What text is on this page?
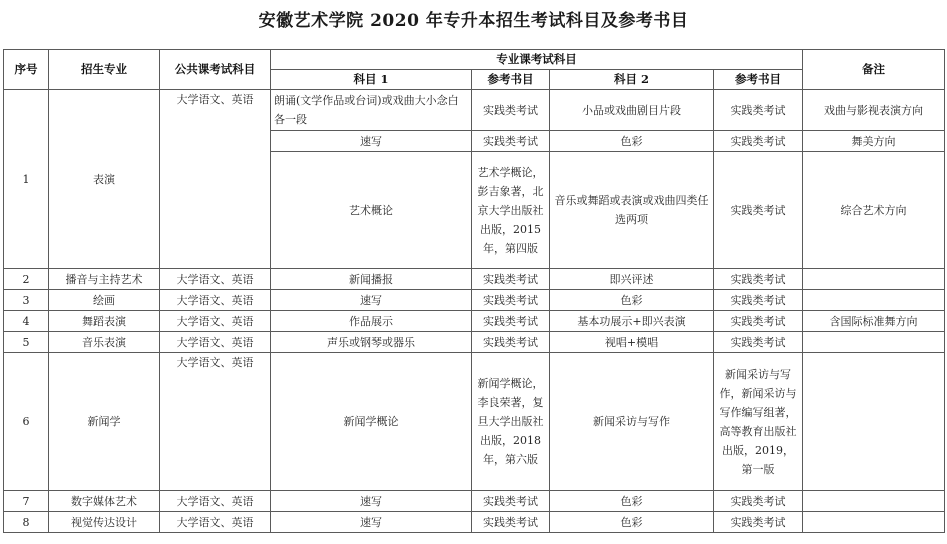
安徽艺术学院 2020 年专升本招生考试科目及参考书目
序号	招生专业	公共课考试科目	专业课考试科目				备注
			科目 1	参考书目	科目 2	参考书目	
1	表演	大学语文、英语	朗诵(文学作品或台词)或戏曲大小念白各一段	实践类考试	小品或戏曲剧目片段	实践类考试	戏曲与影视表演方向
			速写	实践类考试	色彩	实践类考试	舞美方向
			艺术概论	艺术学概论，彭吉象著，北京大学出版社出版，2015年，第四版	音乐或舞蹈或表演或戏曲四类任选两项	实践类考试	综合艺术方向
2	播音与主持艺术	大学语文、英语	新闻播报	实践类考试	即兴评述	实践类考试	
3	绘画	大学语文、英语	速写	实践类考试	色彩	实践类考试	
4	舞蹈表演	大学语文、英语	作品展示	实践类考试	基本功展示+即兴表演	实践类考试	含国际标准舞方向
5	音乐表演	大学语文、英语	声乐或钢琴或器乐	实践类考试	视唱+模唱	实践类考试	
6	新闻学	大学语文、英语	新闻学概论	新闻学概论，李良荣著，复旦大学出版社出版，2018年，第六版	新闻采访与写作	新闻采访与写作，新闻采访与写作编写组著，高等教育出版社出版，2019，第一版	
7	数字媒体艺术	大学语文、英语	速写	实践类考试	色彩	实践类考试	
8	视觉传达设计	大学语文、英语	速写	实践类考试	色彩	实践类考试	
